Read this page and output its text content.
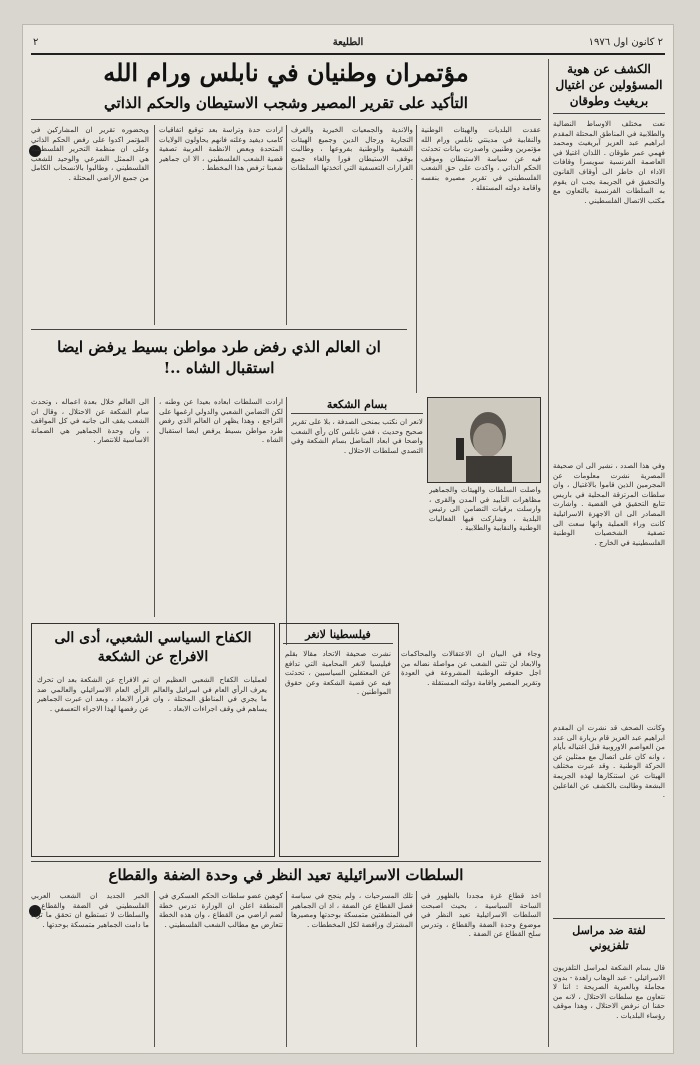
٢ كانون اول ١٩٧٦
الطليعة
٢
الكشف عن هوية المسؤولين عن اغتيال بريغيث وطوقان
نعت مختلف الاوساط النضالية والطلابية في المناطق المحتلة المقدم ابراهيم عبد العزيز آبريغيث ومحمد فهمي عمر طوقان . اللذان اغتيلا في العاصمة الفرنسية سويسرا وقافات الاداء ان خاطر الى أوقاف القانون والتحقيق في الجريمة يجب ان يقوم به السلطات الفرنسية بالتعاون مع مكتب الاتصال الفلسطيني .
وفي هذا الصدد ، نشير الى ان صحيفة المصرية نشرت معلومات عن المجرمين الذين قاموا بالاغتيال ، وان سلطات المرتزقة المحلية في باريس تتابع التحقيق في القضية . واشارت المصادر الى ان الاجهزة الاسرائيلية كانت وراء العملية وانها سعت الى تصفية الشخصيات الوطنية الفلسطينية في الخارج .
وكانت الصحف قد نشرت ان المقدم ابراهيم عبد العزيز قام بزيارة الى عدد من العواصم الاوروبية قبل اغتياله بأيام ، وانه كان على اتصال مع ممثلين عن الحركة الوطنية . وقد عبرت مختلف الهيئات عن استنكارها لهذه الجريمة البشعة وطالبت بالكشف عن الفاعلين .
لفتة ضد مراسل تلفزيوني
قال بسام الشكعة لمراسل التلفزيون الاسرائيلي - عبد الوهاب زاهدة - بدون مجاملة وبالعبرية الصريحة : اننا لا نتعاون مع سلطات الاحتلال ، لانه من حقنا ان نرفض الاحتلال ، وهذا موقف رؤساء البلديات .
مؤتمران وطنيان في نابلس ورام الله
التأكيد على تقرير المصير وشجب الاستيطان والحكم الذاتي
عقدت البلديات والهيئات الوطنية والنقابية في مدينتي نابلس ورام الله مؤتمرين وطنيين واصدرت بيانات تحدثت فيه عن سياسة الاستيطان وموقف الحكم الذاتي ، واكدت على حق الشعب الفلسطيني في تقرير مصيره بنفسه واقامة دولته المستقلة .
والاندية والجمعيات الخيرية والغرف التجارية ورجال الدين وجميع الهيئات الشعبية والوطنية بفروعها ، وطالبت بوقف الاستيطان فورا والغاء جميع القرارات التعسفية التي اتخذتها السلطات .
ارادت حدة وتراسة بعد توقيع اتفاقيات كامب ديفيد وعلته فانهم يحاولون الولايات المتحدة وبعض الانظمة العربية تصفية قضية الشعب الفلسطيني ، الا ان جماهير شعبنا ترفض هذا المخطط .
ويحضوره تقرير ان المشاركين في المؤتمر اكدوا على رفض الحكم الذاتي وعلى ان منظمة التحرير الفلسطينية هي الممثل الشرعي والوحيد للشعب الفلسطيني ، وطالبوا بالانسحاب الكامل من جميع الاراضي المحتلة .
ان العالم الذي رفض طرد مواطن بسيط يرفض ايضا استقبال الشاه ..!
بسام الشكعة
واصلت السلطات والهيئات والجماهير مظاهرات التأييد في المدن والقرى ، وارسلت برقيات التضامن الى رئيس البلدية ، وشاركت فيها الفعاليات الوطنية والنقابية والطلابية .
لانعر ان نكتب بمنحى الصدفة ، بلا على تقرير صحيح وحديث ، ففي نابلس كان رأي الشعب واضحا في ابعاد المناضل بسام الشكعة وفي التصدي لسلطات الاحتلال .
ارادت السلطات ابعاده بعيدا عن وطنه ، لكن التضامن الشعبي والدولي ارغمها على التراجع ، وهذا يظهر ان العالم الذي رفض طرد مواطن بسيط يرفض ايضا استقبال الشاه .
الى العالم خلال بعدة اعماله ، وتحدث سام الشكعة عن الاحتلال ، وقال ان الشعب يقف الى جانبه في كل المواقف ، وان وحدة الجماهير هي الضمانة الاساسية للانتصار .
الكفاح السياسي الشعبي، أدى الى الافراج عن الشكعة
لعمليات الكفاح الشعبي العظيم ان يعرف الرأي العام في اسرائيل والعالم ما يجري في المناطق المحتلة ، وان يساهم في وقف اجراءات الابعاد .
تم الافراج عن الشكعة بعد ان تحرك الرأي العام الاسرائيلي والعالمي ضد قرار الابعاد ، وبعد ان عبرت الجماهير عن رفضها لهذا الاجراء التعسفي .
فيلسطينا لانغر
نشرت صحيفة الاتحاد مقالا بقلم فيليسيا لانغر المحامية التي تدافع عن المعتقلين السياسيين ، تحدثت فيه عن قضية الشكعة وعن حقوق المواطنين .
وجاء في البيان ان الاعتقالات والمحاكمات والابعاد لن تثني الشعب عن مواصلة نضاله من اجل حقوقه الوطنية المشروعة في العودة وتقرير المصير واقامة دولته المستقلة .
السلطات الاسرائيلية تعيد النظر في وحدة الضفة والقطاع
اخذ قطاع غزة مجددا بالظهور في الساحة السياسية ، بحيث اصبحت السلطات الاسرائيلية تعيد النظر في موضوع وحدة الضفة والقطاع ، وتدرس سلخ القطاع عن الضفة .
تلك المسرحيات ، ولم ينجح في سياسة فصل القطاع عن الضفة ، اذ ان الجماهير في المنطقتين متمسكة بوحدتها ومصيرها المشترك ورافضة لكل المخططات .
كوهين عضو سلطات الحكم العسكري في المنطقة اعلن ان الوزارة تدرس خطة لضم اراضي من القطاع ، وان هذه الخطة تتعارض مع مطالب الشعب الفلسطيني .
الخبر الجديد ان الشعب العربي الفلسطيني في الضفة والقطاع ، والسلطات لا تستطيع ان تحقق ما تريد ما دامت الجماهير متمسكة بوحدتها .
